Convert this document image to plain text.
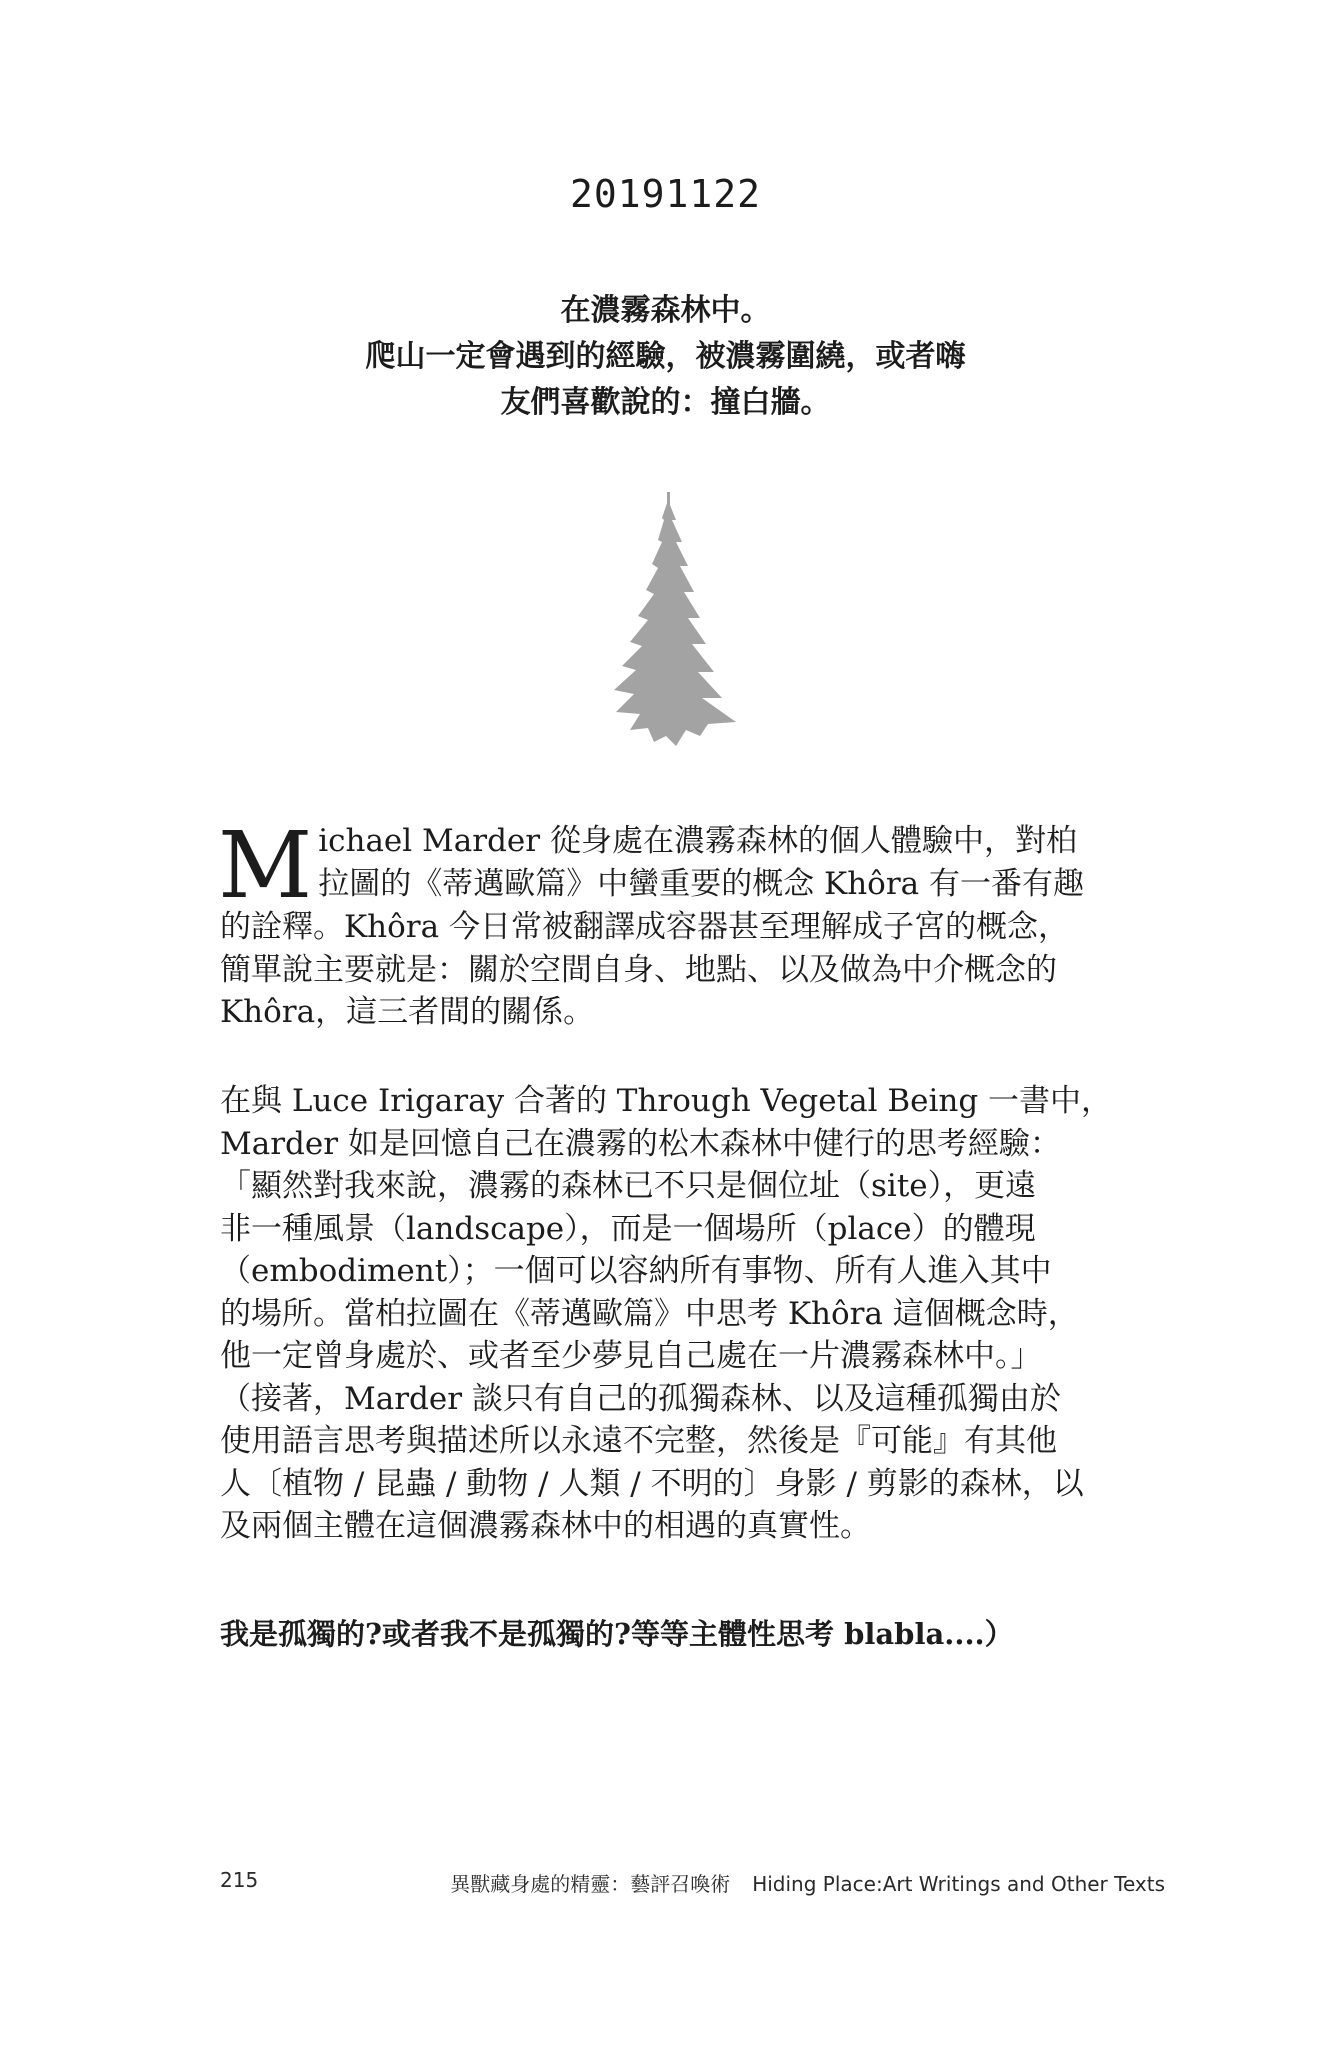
20191122
在濃霧森林中。
爬山一定會遇到的經驗，被濃霧圍繞，或者嗨
友們喜歡說的：撞白牆。
M ichael Marder 從身處在濃霧森林的個人體驗中，對柏
拉圖的《蒂邁歐篇》中蠻重要的概念 Khôra 有一番有趣
的詮釋。Khôra 今日常被翻譯成容器甚至理解成子宮的概念，
簡單說主要就是：關於空間自身、地點、以及做為中介概念的
Khôra，這三者間的關係。
在與 Luce Irigaray 合著的 Through Vegetal Being 一書中，
Marder 如是回憶自己在濃霧的松木森林中健行的思考經驗：
「顯然對我來說，濃霧的森林已不只是個位址（site），更遠
非一種風景（landscape），而是一個場所（place）的體現
（embodiment）；一個可以容納所有事物、所有人進入其中
的場所。當柏拉圖在《蒂邁歐篇》中思考 Khôra 這個概念時，
他一定曾身處於、或者至少夢見自己處在一片濃霧森林中。」
（接著，Marder 談只有自己的孤獨森林、以及這種孤獨由於
使用語言思考與描述所以永遠不完整，然後是『可能』有其他
人〔植物 / 昆蟲 / 動物 / 人類 / 不明的〕身影 / 剪影的森林，以
及兩個主體在這個濃霧森林中的相遇的真實性。
我是孤獨的?或者我不是孤獨的?等等主體性思考 blabla....）
215	異獸藏身處的精靈：藝評召喚術 Hiding Place:Art Writings and Other Texts
